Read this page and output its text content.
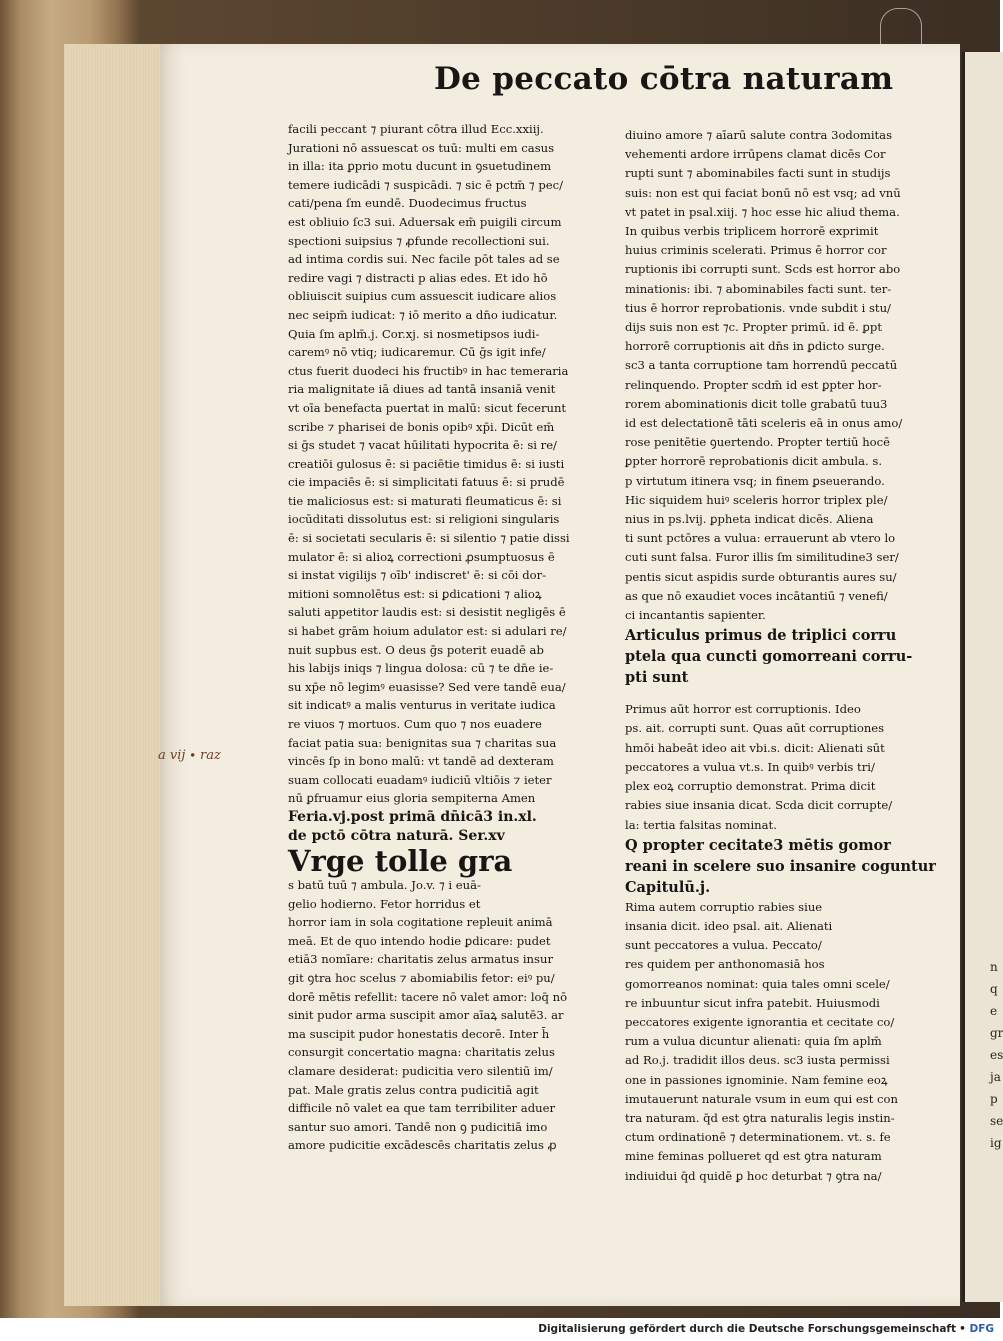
De peccato cōtra naturam
a vij ∙ raz
facili peccant ⁊ piurant cōtra illud Ecc.xxiij.
Jurationi nō assuescat os tuū: multi em casus
in illa: ita ꝑprio motu ducunt in ꝯsuetudinem
temere iudicādi ⁊ suspicādi. ⁊ sic ē pctm̄ ⁊ pec/
cati/pena ſm eundē. Duodecimus fructus
est obliuio ſc3 sui. Aduersak em̄ puigili circum
spectioni suipsius ⁊ ꝓfunde recollectioni sui.
ad intima cordis sui. Nec facile pōt tales ad se
redire vagi ⁊ distracti p alias edes. Et ido hō
obliuiscit suipius cum assuescit iudicare alios
nec seipm̄ iudicat: ⁊ iō merito a dn̄o iudicatur.
Quia ſm aplm̄.j. Cor.xj. si nosmetipsos iudi-
caremꝰ nō vtiq; iudicaremur. Cū ḡs igit infe/
ctus fuerit duodeci his fructibꝰ in hac temeraria
ria malignitate iā diues ad tantā insaniā venit
vt oīa benefacta puertat in malū: sicut fecerunt
scribe ⁊ pharisei de bonis opibꝰ xp̄i. Dicūt em̄
si ḡs studet ⁊ vacat hūilitati hypocrita ē: si re/
creatiōi gulosus ē: si paciētie timidus ē: si iusti
cie impaciēs ē: si simplicitati fatuus ē: si prudē
tie maliciosus est: si maturati fleumaticus ē: si
iocūditati dissolutus est: si religioni singularis
ē: si societati secularis ē: si silentio ⁊ patie dissi
mulator ē: si alioꝝ correctioni ꝓsumptuosus ē
si instat vigilijs ⁊ oīb' indiscret' ē: si cōi dor-
mitioni somnolētus est: si ꝑdicationi ⁊ alioꝝ
saluti appetitor laudis est: si desistit negligēs ē
si habet grām hoium adulator est: si adulari re/
nuit supbus est. O deus ḡs poterit euadē ab
his labijs iniqs ⁊ lingua dolosa: cū ⁊ te dn̄e ie-
su xp̄e nō legimꝰ euasisse? Sed vere tandē eua/
sit indicatꝰ a malis venturus in veritate iudica
re viuos ⁊ mortuos. Cum quo ⁊ nos euadere
faciat patia sua: benignitas sua ⁊ charitas sua
vincēs ſp in bono malū: vt tandē ad dexteram
suam collocati euadamꝰ iudiciū vltiōis ⁊ ieter
nū ꝑfruamur eius gloria sempiterna Amen
Feria.vj.post primā dn̄icā3 in.xl.
de pctō cōtra naturā. Ser.xv
Vrge tolle gra
s batū tuū ⁊ ambula. Jo.v. ⁊ i euā-
gelio hodierno. Fetor horridus et
horror iam in sola cogitatione repleuit animā
meā. Et de quo intendo hodie ꝑdicare: pudet
etiā3 nomīare: charitatis zelus armatus insur
git ꝯtra hoc scelus ⁊ abomiabilis fetor: eiꝰ pu/
dorē mētis refellit: tacere nō valet amor: loq̄ nō
sinit pudor arma suscipit amor aīaꝝ salutē3. ar
ma suscipit pudor honestatis decorē. Inter h̄
consurgit concertatio magna: charitatis zelus
clamare desiderat: pudicitia vero silentiū im/
pat. Male gratis zelus contra pudicitiā agit
difficile nō valet ea que tam terribiliter aduer
santur suo amori. Tandē non ꝯ pudicitiā imo
amore pudicitie excādescēs charitatis zelus ꝓ
diuino amore ⁊ aīarū salute contra 3odomitas
vehementi ardore irrūpens clamat dicēs Cor
rupti sunt ⁊ abominabiles facti sunt in studijs
suis: non est qui faciat bonū nō est vsq; ad vnū
vt patet in psal.xiij. ⁊ hoc esse hic aliud thema.
In quibus verbis triplicem horrorē exprimit
huius criminis scelerati. Primus ē horror cor
ruptionis ibi corrupti sunt. Scds est horror abo
minationis: ibi. ⁊ abominabiles facti sunt. ter-
tius ē horror reprobationis. vnde subdit i stu/
dijs suis non est ⁊c. Propter primū. id ē. ꝑpt
horrorē corruptionis ait dn̄s in ꝑdicto surge.
sc3 a tanta corruptione tam horrendū peccatū
relinquendo. Propter scdm̄ id est ꝑpter hor-
rorem abominationis dicit tolle grabatū tuu3
id est delectationē tāti sceleris eā in onus amo/
rose penitētie ꝯuertendo. Propter tertiū hocē
ꝑpter horrorē reprobationis dicit ambula. s.
p virtutum itinera vsq; in finem ꝑseuerando.
Hic siquidem huiꝰ sceleris horror triplex ple/
nius in ps.lvij. ꝑpheta indicat dicēs. Aliena
ti sunt pctōres a vulua: errauerunt ab vtero lo
cuti sunt falsa. Furor illis ſm similitudine3 ser/
pentis sicut aspidis surde obturantis aures su/
as que nō exaudiet voces incātantiū ⁊ venefi/
ci incantantis sapienter.
Articulus primus de triplici corru
ptela qua cuncti gomorreani corru-
pti sunt
Primus aūt horror est corruptionis. Ideo
ps. ait. corrupti sunt. Quas aūt corruptiones
hmōi habeāt ideo ait vbi.s. dicit: Alienati sūt
peccatores a vulua vt.s. In quibꝰ verbis tri/
plex eoꝝ corruptio demonstrat. Prima dicit
rabies siue insania dicat. Scda dicit corrupte/
la: tertia falsitas nominat.
Q propter cecitate3 mētis gomor
reani in scelere suo insanire coguntur
Capitulū.j.
Rima autem corruptio rabies siue
insania dicit. ideo psal. ait. Alienati
sunt peccatores a vulua. Peccato/
res quidem per anthonomasiā hos
gomorreanos nominat: quia tales omni scele/
re inbuuntur sicut infra patebit. Huiusmodi
peccatores exigente ignorantia et cecitate co/
rum a vulua dicuntur alienati: quia ſm aplm̄
ad Ro.j. tradidit illos deus. sc3 iusta permissi
one in passiones ignominie. Nam femine eoꝝ
imutauerunt naturale vsum in eum qui est con
tra naturam. q̄d est ꝯtra naturalis legis instin-
ctum ordinationē ⁊ determinationem. vt. s. fe
mine feminas pollueret qd est ꝯtra naturam
indiuidui q̄d quidē ꝑ hoc deturbat ⁊ ꝯtra na/
n
q
e
gr
es
ja
p
se
ig
Digitalisierung gefördert durch die Deutsche Forschungsgemeinschaft • DFG
